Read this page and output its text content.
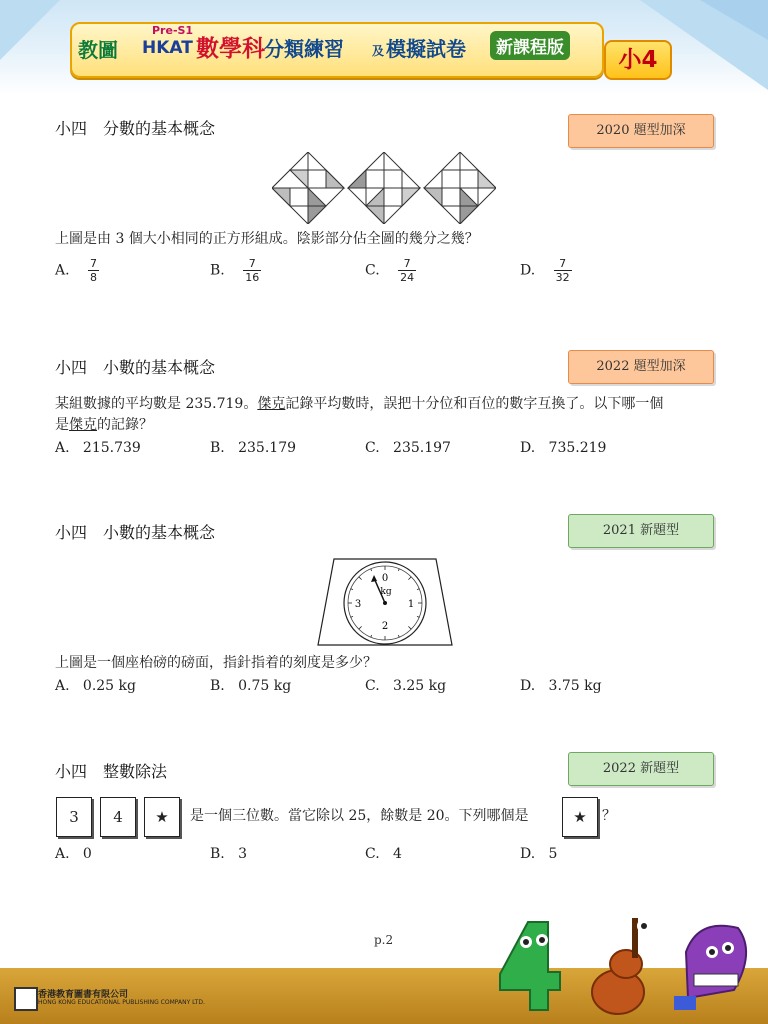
教圖
Pre-S1
HKAT 數學科 分類練習 及 模擬試卷	新課程版	小4
小四 分數的基本概念	2020 題型加深
上圖是由 3 個大小相同的正方形組成。陰影部分佔全圖的幾分之幾？
A. $\frac{7}{8}$	B. $\frac{7}{16}$	C. $\frac{7}{24}$	D. $\frac{7}{32}$
小四 小數的基本概念	2022 題型加深
某組數據的平均數是 235.719。傑克記錄平均數時，誤把十分位和百位的數字互換了。以下哪一個
是傑克的記錄？
A. 215.739	B. 235.179	C. 235.197	D. 735.219
小四 小數的基本概念	2021 新題型
0
kg
1
2
3
上圖是一個座枱磅的磅面，指針指着的刻度是多少？
A. 0.25 kg	B. 0.75 kg	C. 3.25 kg	D. 3.75 kg
小四 整數除法	2022 新題型
3	4	★	是一個三位數。當它除以 25，餘數是 20。下列哪個是	★	？
A. 0	B. 3	C. 4	D. 5
p.2
香港教育圖書有限公司
HONG KONG EDUCATIONAL PUBLISHING COMPANY LTD.
